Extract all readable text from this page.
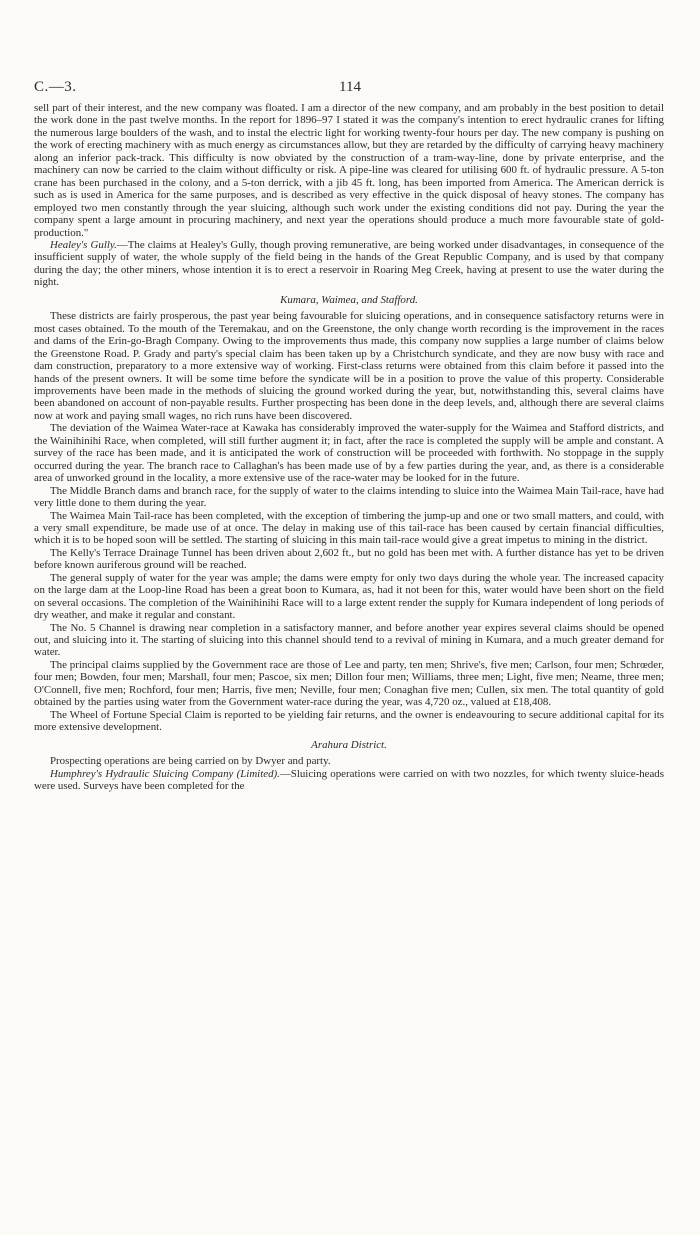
C.—3.	114

sell part of their interest, and the new company was floated. I am a director of the new company, and am probably in the best position to detail the work done in the past twelve months. In the report for 1896–97 I stated it was the company's intention to erect hydraulic cranes for lifting the numerous large boulders of the wash, and to instal the electric light for working twenty-four hours per day. The new company is pushing on the work of erecting machinery with as much energy as circumstances allow, but they are retarded by the difficulty of carrying heavy machinery along an inferior pack-track. This difficulty is now obviated by the construction of a tram-way-line, done by private enterprise, and the machinery can now be carried to the claim without difficulty or risk. A pipe-line was cleared for utilising 600 ft. of hydraulic pressure. A 5-ton crane has been purchased in the colony, and a 5-ton derrick, with a jib 45 ft. long, has been imported from America. The American derrick is such as is used in America for the same purposes, and is described as very effective in the quick disposal of heavy stones. The company has employed two men constantly through the year sluicing, although such work under the existing conditions did not pay. During the year the company spent a large amount in procuring machinery, and next year the operations should produce a much more favourable state of gold-production."

Healey's Gully.—The claims at Healey's Gully, though proving remunerative, are being worked under disadvantages, in consequence of the insufficient supply of water, the whole supply of the field being in the hands of the Great Republic Company, and is used by that company during the day; the other miners, whose intention it is to erect a reservoir in Roaring Meg Creek, having at present to use the water during the night.

Kumara, Waimea, and Stafford.

These districts are fairly prosperous, the past year being favourable for sluicing operations, and in consequence satisfactory returns were in most cases obtained. To the mouth of the Teremakau, and on the Greenstone, the only change worth recording is the improvement in the races and dams of the Erin-go-Bragh Company. Owing to the improvements thus made, this company now supplies a large number of claims below the Greenstone Road. P. Grady and party's special claim has been taken up by a Christchurch syndicate, and they are now busy with race and dam construction, preparatory to a more extensive way of working. First-class returns were obtained from this claim before it passed into the hands of the present owners. It will be some time before the syndicate will be in a position to prove the value of this property. Considerable improvements have been made in the methods of sluicing the ground worked during the year, but, notwithstanding this, several claims have been abandoned on account of non-payable results. Further prospecting has been done in the deep levels, and, although there are several claims now at work and paying small wages, no rich runs have been discovered.

The deviation of the Waimea Water-race at Kawaka has considerably improved the water-supply for the Waimea and Stafford districts, and the Wainihinihi Race, when completed, will still further augment it; in fact, after the race is completed the supply will be ample and constant. A survey of the race has been made, and it is anticipated the work of construction will be proceeded with forthwith. No stoppage in the supply occurred during the year. The branch race to Callaghan's has been made use of by a few parties during the year, and, as there is a considerable area of unworked ground in the locality, a more extensive use of the race-water may be looked for in the future.

The Middle Branch dams and branch race, for the supply of water to the claims intending to sluice into the Waimea Main Tail-race, have had very little done to them during the year.

The Waimea Main Tail-race has been completed, with the exception of timbering the jump-up and one or two small matters, and could, with a very small expenditure, be made use of at once. The delay in making use of this tail-race has been caused by certain financial difficulties, which it is to be hoped soon will be settled. The starting of sluicing in this main tail-race would give a great impetus to mining in the district.

The Kelly's Terrace Drainage Tunnel has been driven about 2,602 ft., but no gold has been met with. A further distance has yet to be driven before known auriferous ground will be reached.

The general supply of water for the year was ample; the dams were empty for only two days during the whole year. The increased capacity on the large dam at the Loop-line Road has been a great boon to Kumara, as, had it not been for this, water would have been short on the field on several occasions. The completion of the Wainihinihi Race will to a large extent render the supply for Kumara independent of long periods of dry weather, and make it regular and constant.

The No. 5 Channel is drawing near completion in a satisfactory manner, and before another year expires several claims should be opened out, and sluicing into it. The starting of sluicing into this channel should tend to a revival of mining in Kumara, and a much greater demand for water.

The principal claims supplied by the Government race are those of Lee and party, ten men; Shrive's, five men; Carlson, four men; Schrœder, four men; Bowden, four men; Marshall, four men; Pascoe, six men; Dillon four men; Williams, three men; Light, five men; Neame, three men; O'Connell, five men; Rochford, four men; Harris, five men; Neville, four men; Conaghan five men; Cullen, six men. The total quantity of gold obtained by the parties using water from the Government water-race during the year, was 4,720 oz., valued at £18,408.

The Wheel of Fortune Special Claim is reported to be yielding fair returns, and the owner is endeavouring to secure additional capital for its more extensive development.

Arahura District.

Prospecting operations are being carried on by Dwyer and party.

Humphrey's Hydraulic Sluicing Company (Limited).—Sluicing operations were carried on with two nozzles, for which twenty sluice-heads were used. Surveys have been completed for the
